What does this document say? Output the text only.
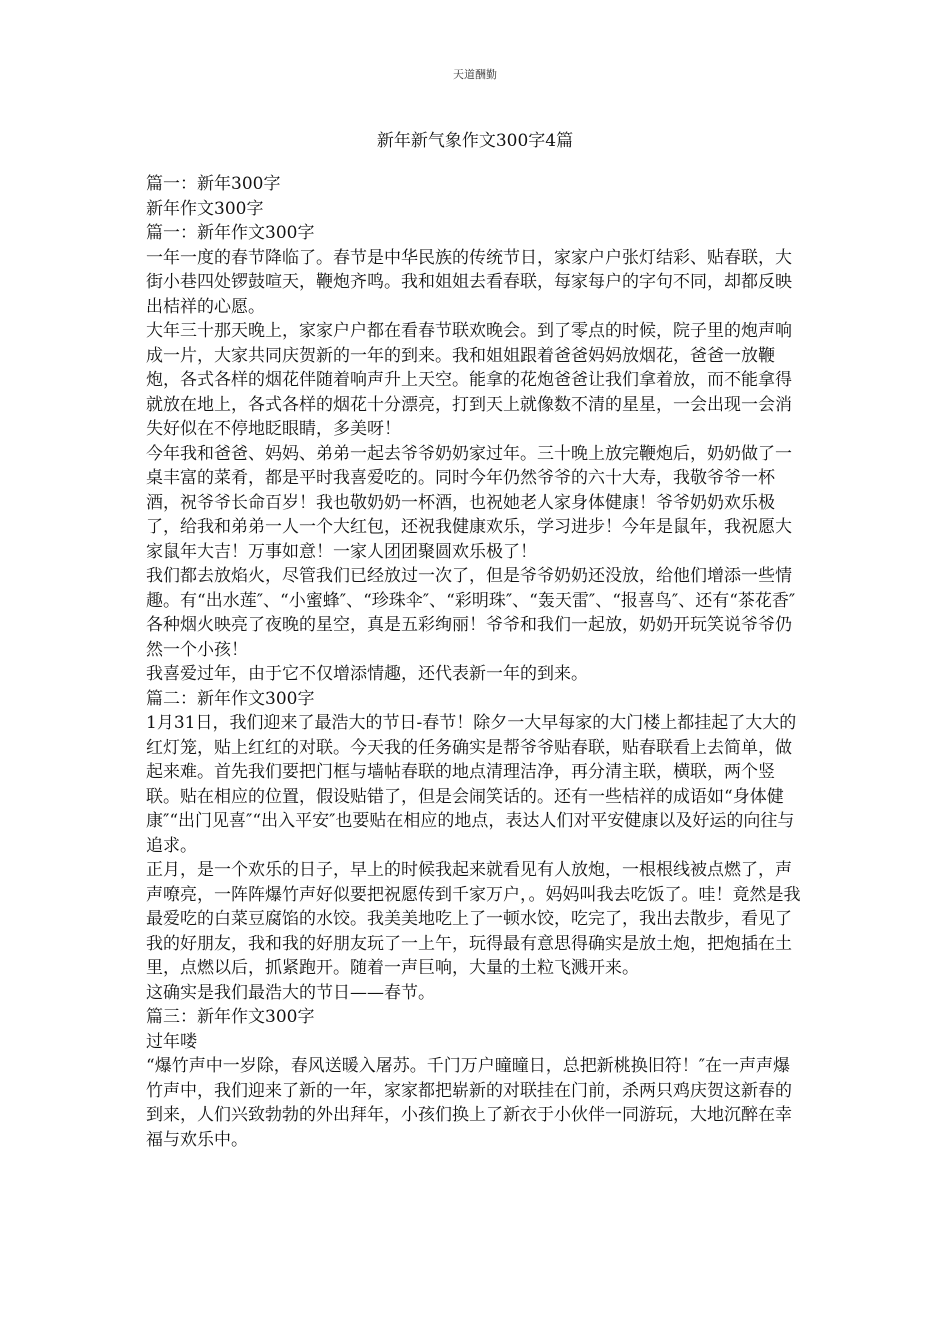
天道酬勤
新年新气象作文300字4篇

篇一：新年300字

新年作文300字

篇一：新年作文300字

一年一度的春节降临了。春节是中华民族的传统节日，家家户户张灯结彩、贴春联，大街小巷四处锣鼓喧天，鞭炮齐鸣。我和姐姐去看春联，每家每户的字句不同，却都反映出桔祥的心愿。

大年三十那天晚上，家家户户都在看春节联欢晚会。到了零点的时候，院子里的炮声响成一片，大家共同庆贺新的一年的到来。我和姐姐跟着爸爸妈妈放烟花，爸爸一放鞭炮，各式各样的烟花伴随着响声升上天空。能拿的花炮爸爸让我们拿着放，而不能拿得就放在地上，各式各样的烟花十分漂亮，打到天上就像数不清的星星，一会出现一会消失好似在不停地眨眼睛，多美呀！

今年我和爸爸、妈妈、弟弟一起去爷爷奶奶家过年。三十晚上放完鞭炮后，奶奶做了一桌丰富的菜肴，都是平时我喜爱吃的。同时今年仍然爷爷的六十大寿，我敬爷爷一杯酒，祝爷爷长命百岁！我也敬奶奶一杯酒，也祝她老人家身体健康！爷爷奶奶欢乐极了，给我和弟弟一人一个大红包，还祝我健康欢乐，学习进步！今年是鼠年，我祝愿大家鼠年大吉！万事如意！一家人团团聚圆欢乐极了！

我们都去放焰火，尽管我们已经放过一次了，但是爷爷奶奶还没放，给他们增添一些情趣。有“出水莲″、“小蜜蜂″、“珍珠伞″、“彩明珠″、“轰天雷″、“报喜鸟″、还有“茶花香″各种烟火映亮了夜晚的星空，真是五彩绚丽！爷爷和我们一起放，奶奶开玩笑说爷爷仍然一个小孩！

我喜爱过年，由于它不仅增添情趣，还代表新一年的到来。

篇二：新年作文300字

1月31日，我们迎来了最浩大的节日-春节！除夕一大早每家的大门楼上都挂起了大大的红灯笼，贴上红红的对联。今天我的任务确实是帮爷爷贴春联，贴春联看上去简单，做起来难。首先我们要把门框与墙帖春联的地点清理洁净，再分清主联，横联，两个竖联。贴在相应的位置，假设贴错了，但是会闹笑话的。还有一些桔祥的成语如“身体健康″“出门见喜″“出入平安″也要贴在相应的地点，表达人们对平安健康以及好运的向往与追求。

正月，是一个欢乐的日子，早上的时候我起来就看见有人放炮，一根根线被点燃了，声声嘹亮，一阵阵爆竹声好似要把祝愿传到千家万户，。妈妈叫我去吃饭了。哇！竟然是我最爱吃的白菜豆腐馅的水饺。我美美地吃上了一顿水饺，吃完了，我出去散步，看见了我的好朋友，我和我的好朋友玩了一上午，玩得最有意思得确实是放土炮，把炮插在土里，点燃以后，抓紧跑开。随着一声巨响，大量的土粒飞溅开来。

这确实是我们最浩大的节日——春节。

篇三：新年作文300字

过年喽

“爆竹声中一岁除，春风送暖入屠苏。千门万户曈曈日，总把新桃换旧符！″在一声声爆竹声中，我们迎来了新的一年，家家都把崭新的对联挂在门前，杀两只鸡庆贺这新春的到来，人们兴致勃勃的外出拜年，小孩们换上了新衣于小伙伴一同游玩，大地沉醉在幸福与欢乐中。
